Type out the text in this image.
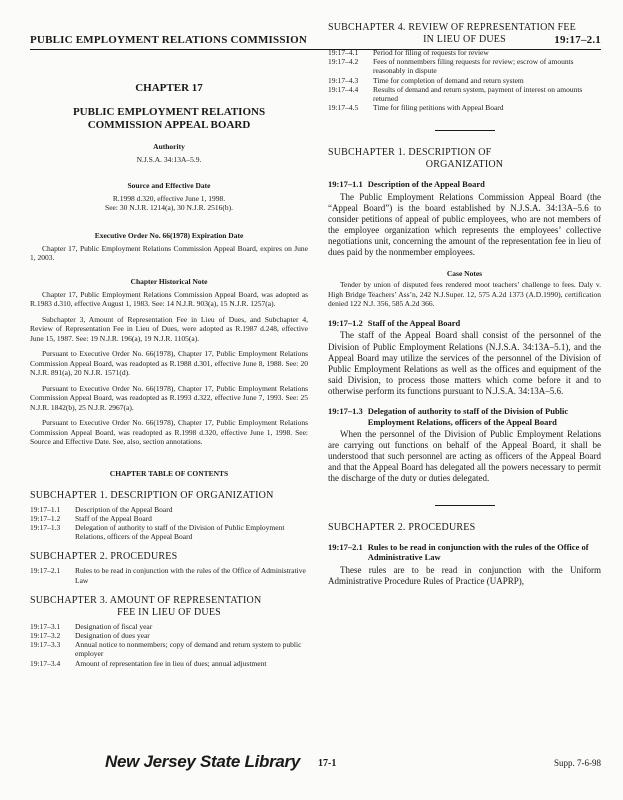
PUBLIC EMPLOYMENT RELATIONS COMMISSION	19:17–2.1
CHAPTER 17
PUBLIC EMPLOYMENT RELATIONS
COMMISSION APPEAL BOARD
Authority
N.J.S.A. 34:13A–5.9.
Source and Effective Date
R.1998 d.320, effective June 1, 1998.
See: 30 N.J.R. 1214(a), 30 N.J.R. 2516(b).
Executive Order No. 66(1978) Expiration Date
Chapter 17, Public Employment Relations Commission Appeal Board, expires on June 1, 2003.
Chapter Historical Note
Chapter 17, Public Employment Relations Commission Appeal Board, was adopted as R.1983 d.310, effective August 1, 1983. See: 14 N.J.R. 903(a), 15 N.J.R. 1257(a).
Subchapter 3, Amount of Representation Fee in Lieu of Dues, and Subchapter 4, Review of Representation Fee in Lieu of Dues, were adopted as R.1987 d.248, effective June 15, 1987. See: 19 N.J.R. 196(a), 19 N.J.R. 1105(a).
Pursuant to Executive Order No. 66(1978), Chapter 17, Public Employment Relations Commission Appeal Board, was readopted as R.1988 d.301, effective June 8, 1988. See: 20 N.J.R. 891(a), 20 N.J.R. 1571(d).
Pursuant to Executive Order No. 66(1978), Chapter 17, Public Employment Relations Commission Appeal Board, was readopted as R.1993 d.322, effective June 7, 1993. See: 25 N.J.R. 1842(b), 25 N.J.R. 2967(a).
Pursuant to Executive Order No. 66(1978), Chapter 17, Public Employment Relations Commission Appeal Board, was readopted as R.1998 d.320, effective June 1, 1998. See: Source and Effective Date. See, also, section annotations.
CHAPTER TABLE OF CONTENTS
SUBCHAPTER 1. DESCRIPTION OF ORGANIZATION
19:17–1.1	Description of the Appeal Board
19:17–1.2	Staff of the Appeal Board
19:17–1.3	Delegation of authority to staff of the Division of Public Employment Relations, officers of the Appeal Board
SUBCHAPTER 2. PROCEDURES
19:17–2.1	Rules to be read in conjunction with the rules of the Office of Administrative Law
SUBCHAPTER 3. AMOUNT OF REPRESENTATION
FEE IN LIEU OF DUES
19:17–3.1	Designation of fiscal year
19:17–3.2	Designation of dues year
19:17–3.3	Annual notice to nonmembers; copy of demand and return system to public employer
19:17–3.4	Amount of representation fee in lieu of dues; annual adjustment
SUBCHAPTER 4. REVIEW OF REPRESENTATION FEE
IN LIEU OF DUES
19:17–4.1	Period for filing of requests for review
19:17–4.2	Fees of nonmembers filing requests for review; escrow of amounts reasonably in dispute
19:17–4.3	Time for completion of demand and return system
19:17–4.4	Results of demand and return system, payment of interest on amounts returned
19:17–4.5	Time for filing petitions with Appeal Board
SUBCHAPTER 1. DESCRIPTION OF
ORGANIZATION
19:17–1.1 Description of the Appeal Board
The Public Employment Relations Commission Appeal Board (the “Appeal Board”) is the board established by N.J.S.A. 34:13A–5.6 to consider petitions of appeal of public employees, who are not members of the employee organization which represents the employees’ collective negotiations unit, concerning the amount of the representation fee in lieu of dues paid by the nonmember employees.
Case Notes
Tender by union of disputed fees rendered moot teachers’ challenge to fees. Daly v. High Bridge Teachers’ Ass’n, 242 N.J.Super. 12, 575 A.2d 1373 (A.D.1990), certification denied 122 N.J. 356, 585 A.2d 366.
19:17–1.2 Staff of the Appeal Board
The staff of the Appeal Board shall consist of the personnel of the Division of Public Employment Relations (N.J.S.A. 34:13A–5.1), and the Appeal Board may utilize the services of the personnel of the Division of Public Employment Relations as well as the offices and equipment of the said Division, to process those matters which come before it and to otherwise perform its functions pursuant to N.J.S.A. 34:13A–5.6.
19:17–1.3 Delegation of authority to staff of the Division of Public Employment Relations, officers of the Appeal Board
When the personnel of the Division of Public Employment Relations are carrying out functions on behalf of the Appeal Board, it shall be understood that such personnel are acting as officers of the Appeal Board and that the Appeal Board has delegated all the powers necessary to permit the discharge of the duty or duties delegated.
SUBCHAPTER 2. PROCEDURES
19:17–2.1 Rules to be read in conjunction with the rules of the Office of Administrative Law
These rules are to be read in conjunction with the Uniform Administrative Procedure Rules of Practice (UAPRP),
New Jersey State Library 17-1	Supp. 7-6-98
